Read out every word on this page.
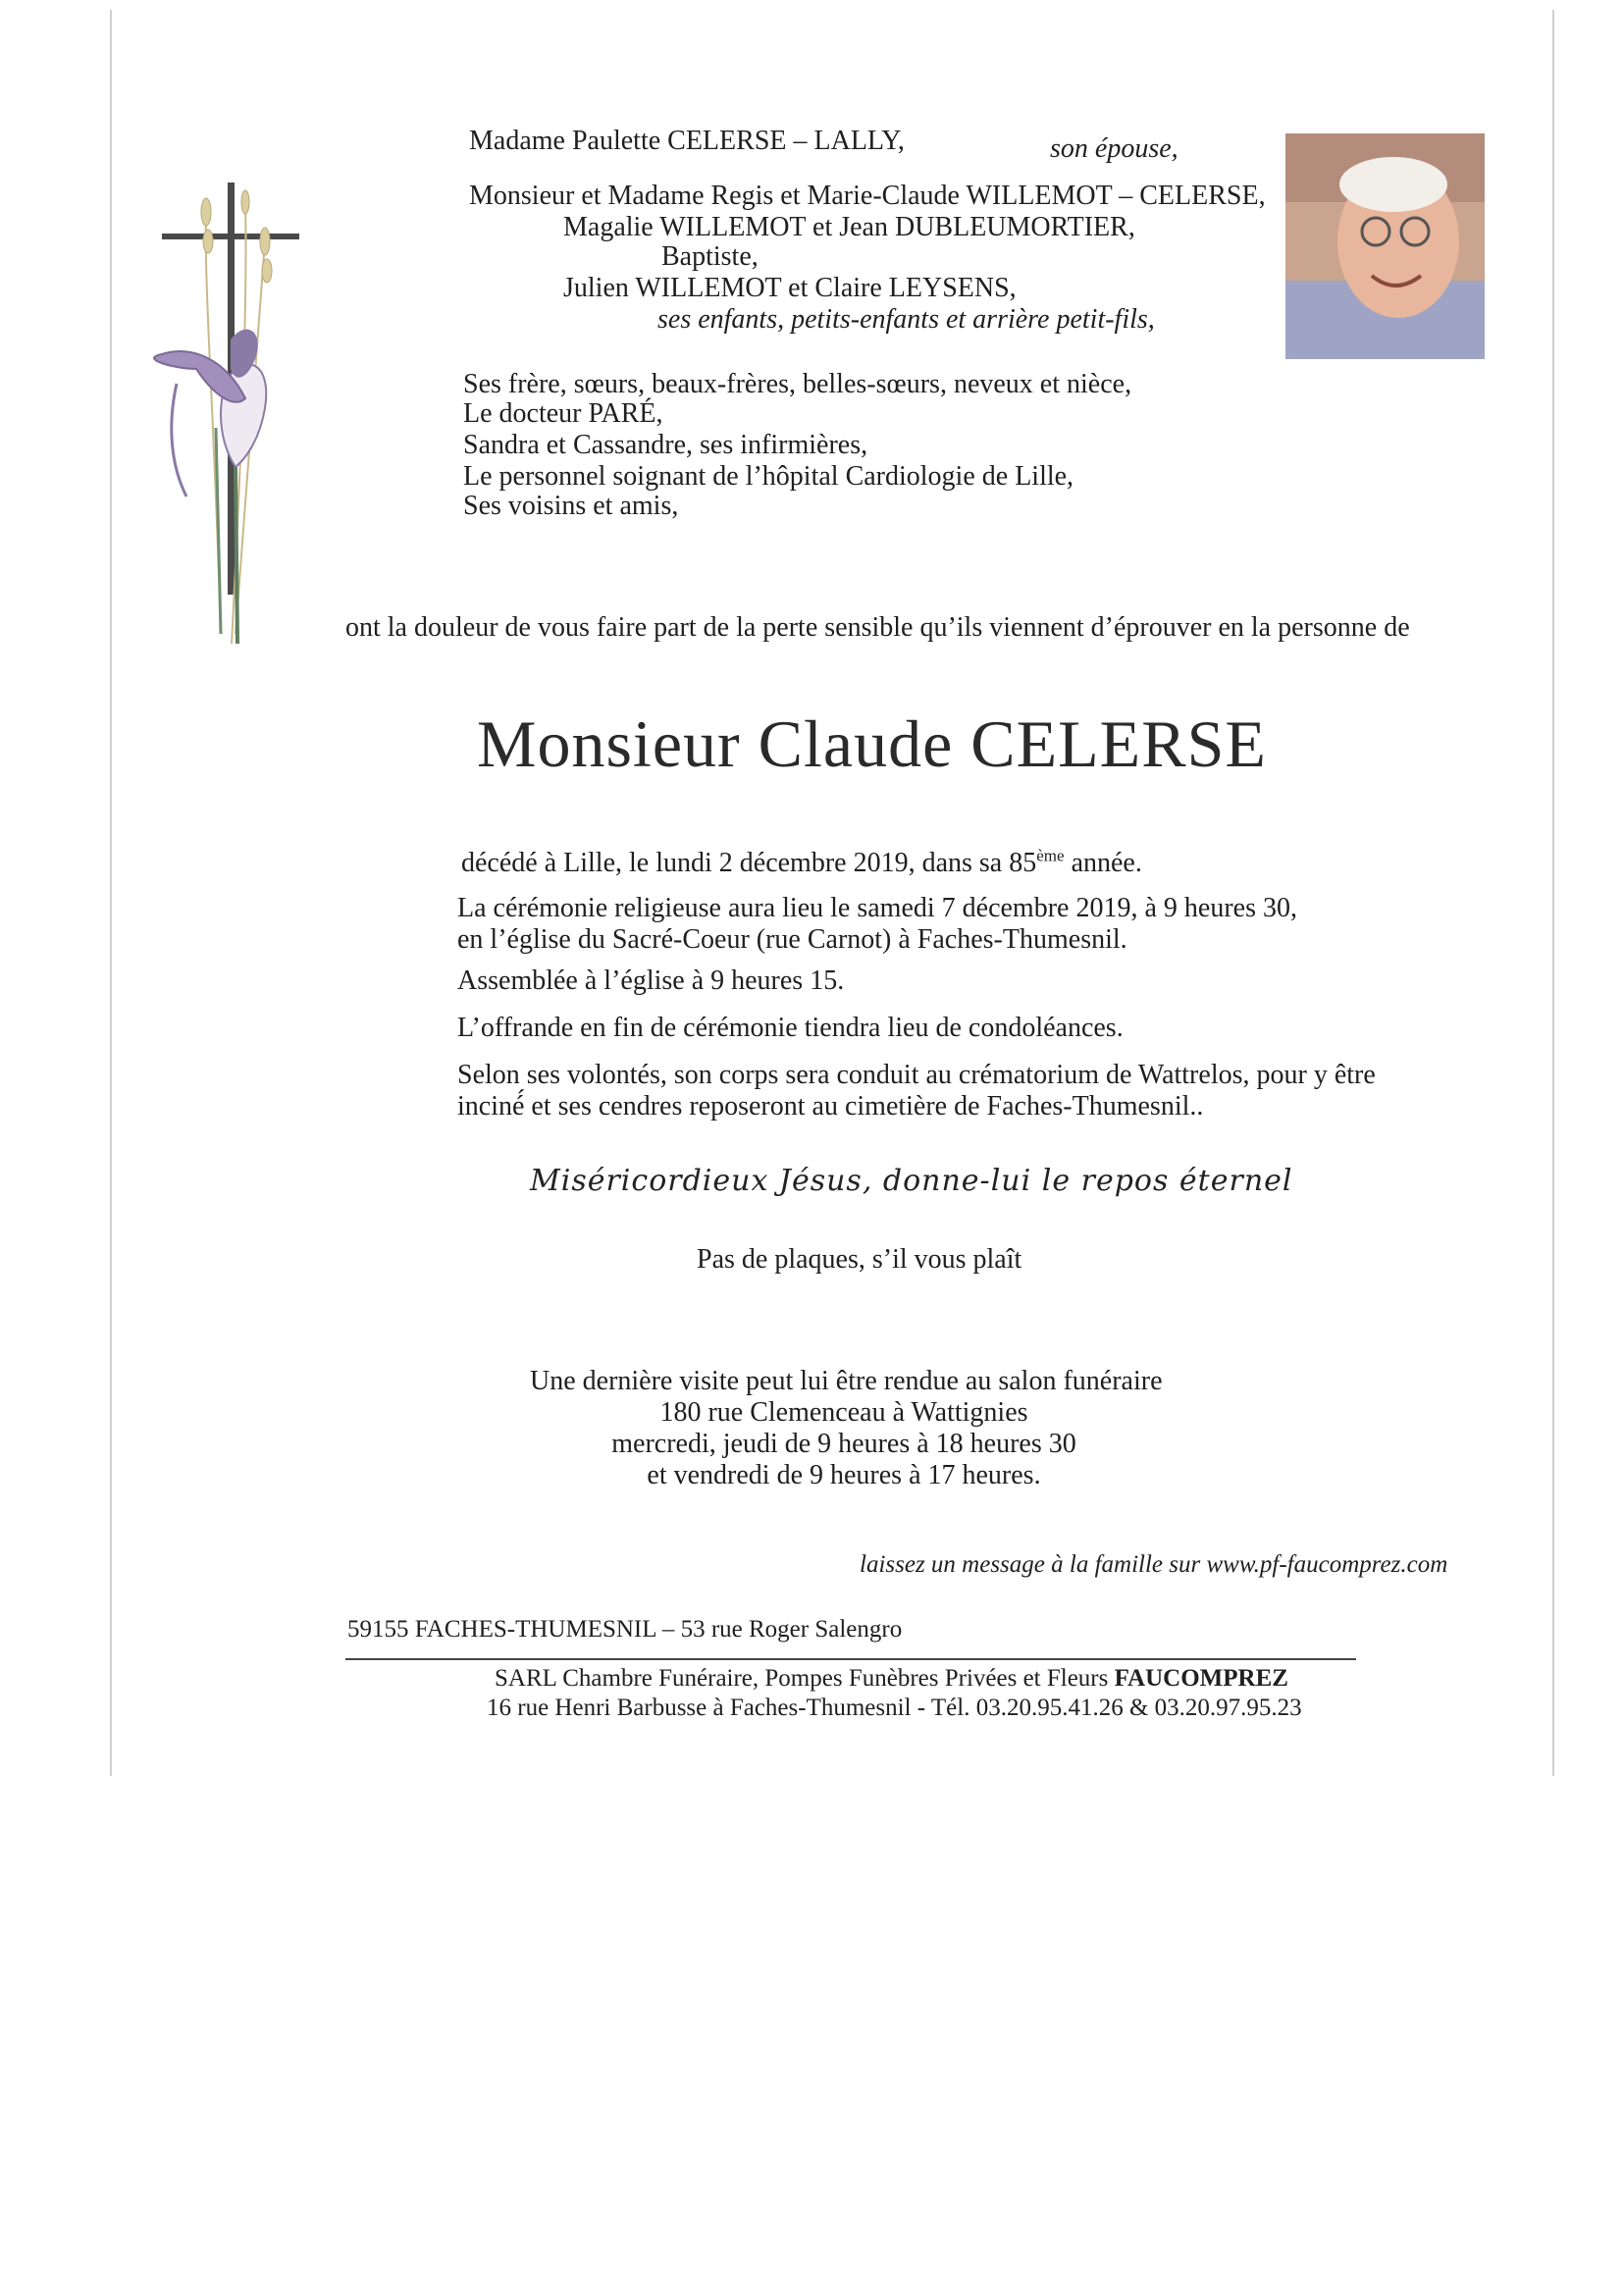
Madame Paulette CELERSE – LALLY,	son épouse,
Monsieur et Madame Regis et Marie-Claude WILLEMOT – CELERSE,
Magalie WILLEMOT et Jean DUBLEUMORTIER,
Baptiste,
Julien WILLEMOT et Claire LEYSENS,
ses enfants, petits-enfants et arrière petit-fils,
Ses frère, sœurs, beaux-frères, belles-sœurs, neveux et nièce,
Le docteur PARÉ,
Sandra et Cassandre, ses infirmières,
Le personnel soignant de l’hôpital Cardiologie de Lille,
Ses voisins et amis,
ont la douleur de vous faire part de la perte sensible qu’ils viennent d’éprouver en la personne de
Monsieur Claude CELERSE
décédé à Lille, le lundi 2 décembre 2019, dans sa 85ème année.
La cérémonie religieuse aura lieu le samedi 7 décembre 2019, à 9 heures 30,
en l’église du Sacré-Coeur (rue Carnot) à Faches-Thumesnil.
Assemblée à l’église à 9 heures 15.
L’offrande en fin de cérémonie tiendra lieu de condoléances.
Selon ses volontés, son corps sera conduit au crématorium de Wattrelos, pour y être
inciné́ et ses cendres reposeront au cimetière de Faches-Thumesnil..
Miséricordieux Jésus, donne-lui le repos éternel
Pas de plaques, s’il vous plaît
Une dernière visite peut lui être rendue au salon funéraire
180 rue Clemenceau à Wattignies
mercredi, jeudi de 9 heures à 18 heures 30
et vendredi de 9 heures à 17 heures.
laissez un message à la famille sur www.pf-faucomprez.com
59155 FACHES-THUMESNIL – 53 rue Roger Salengro
SARL Chambre Funéraire, Pompes Funèbres Privées et Fleurs FAUCOMPREZ
16 rue Henri Barbusse à Faches-Thumesnil - Tél. 03.20.95.41.26 & 03.20.97.95.23
